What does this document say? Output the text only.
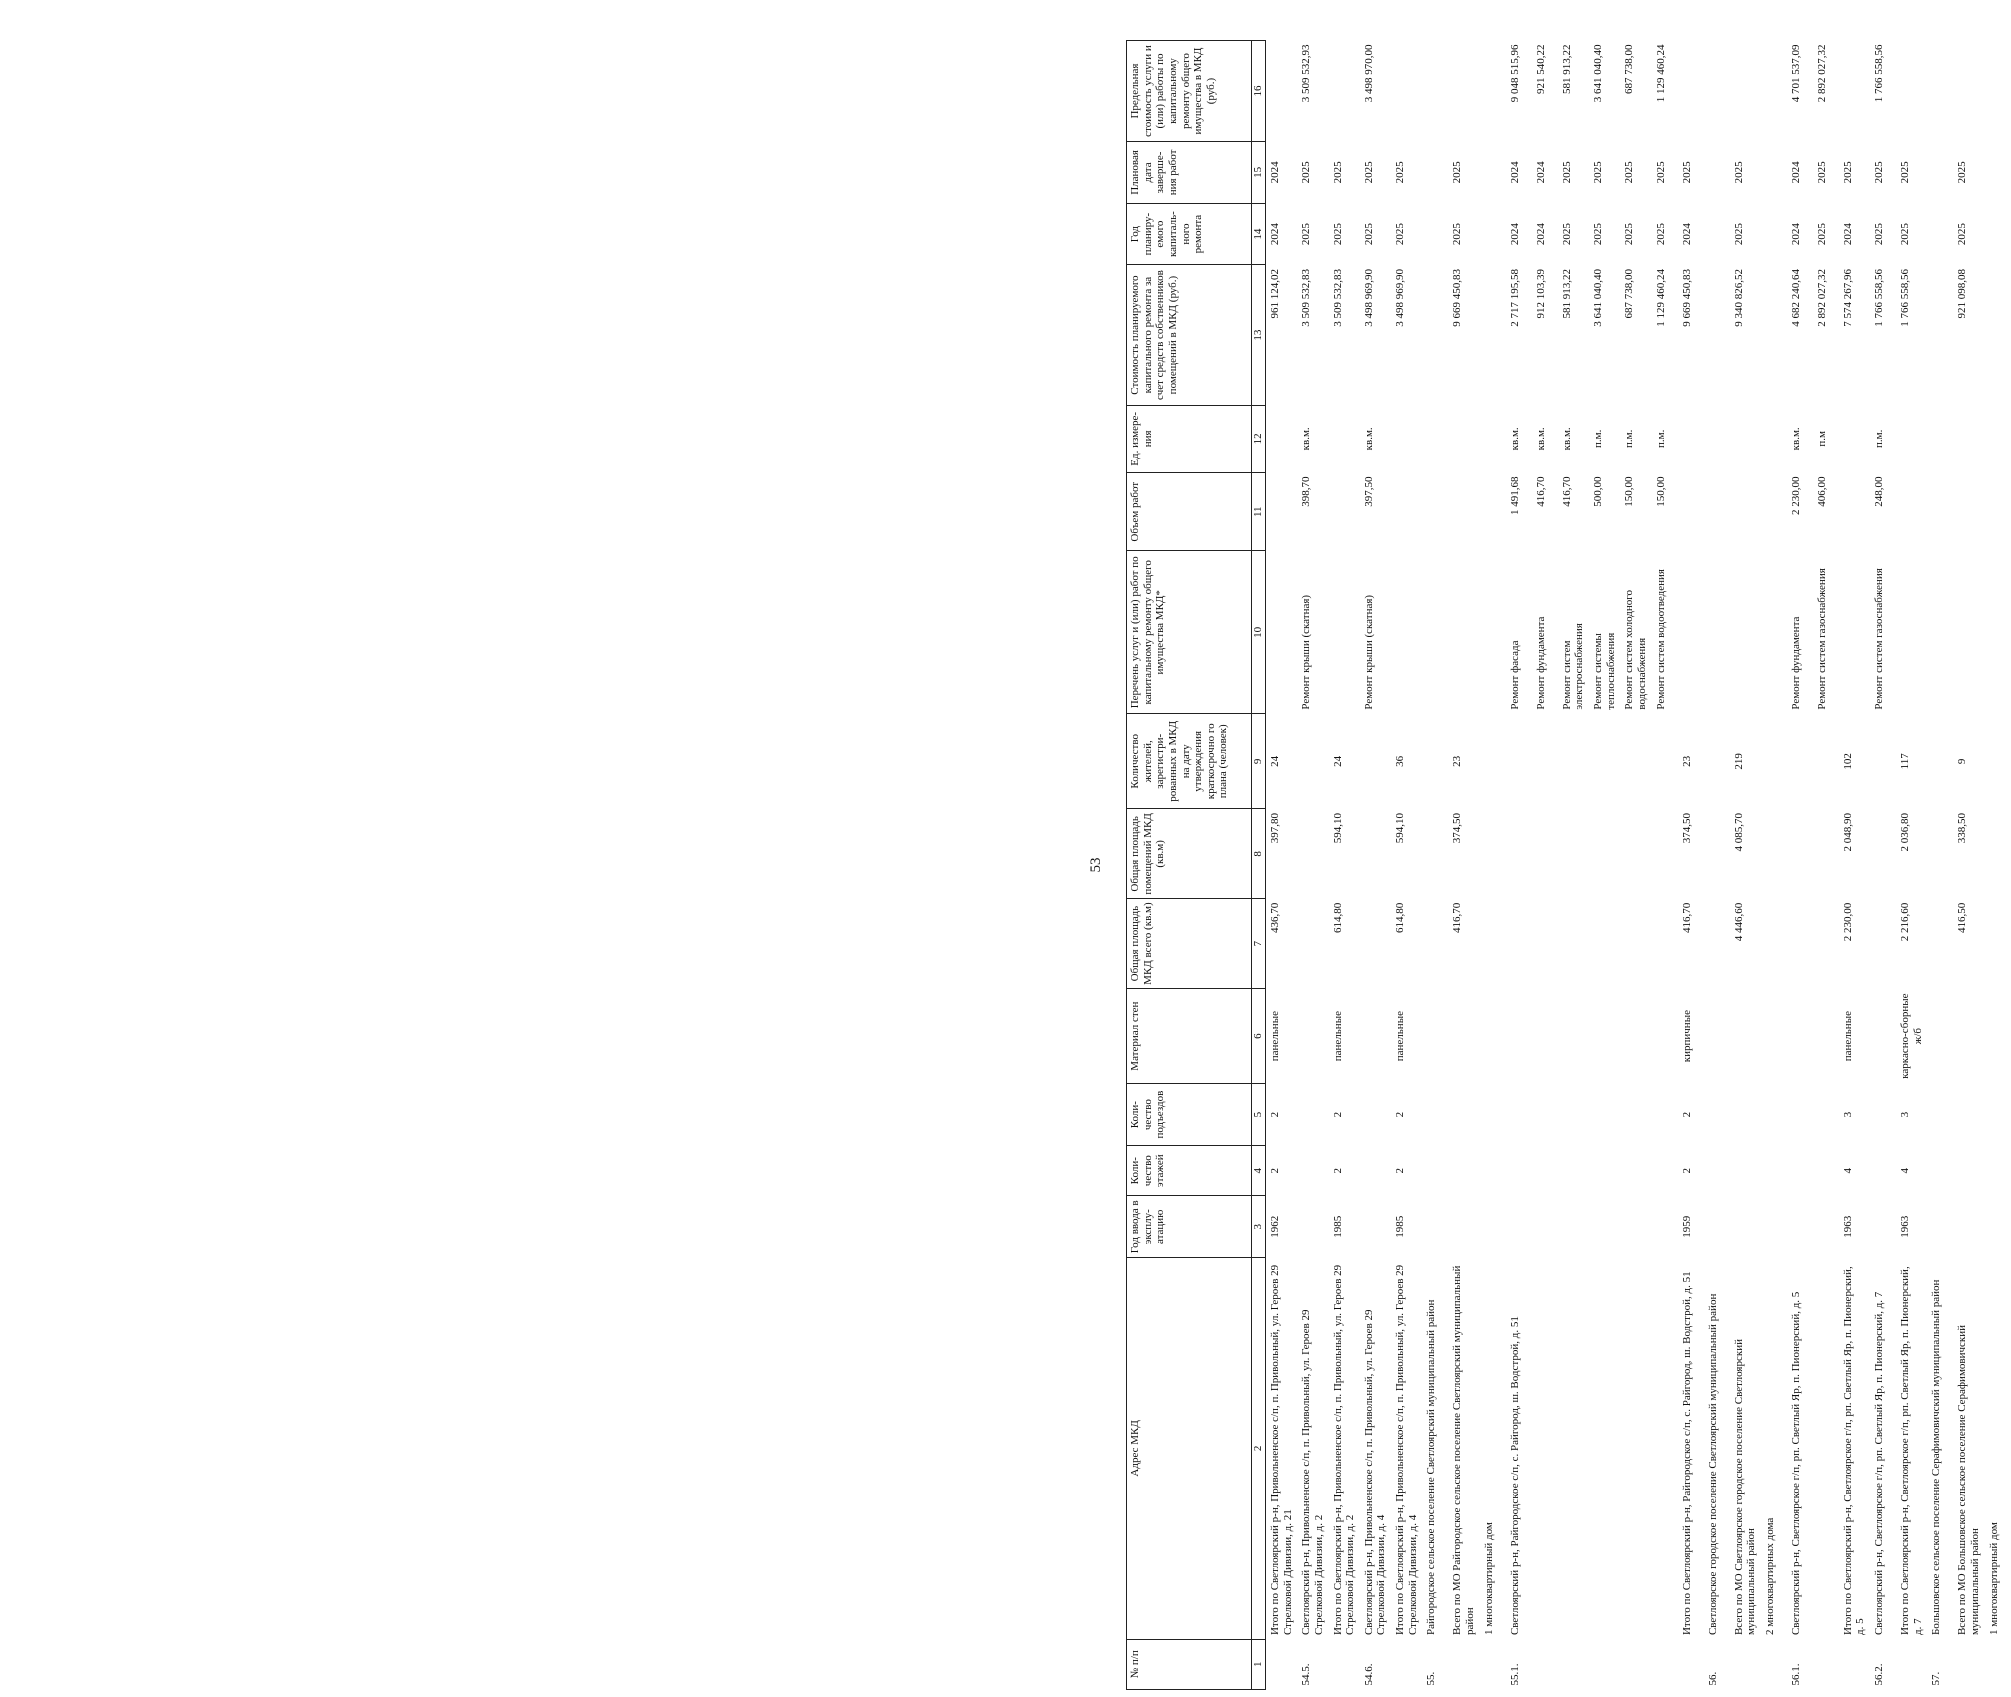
53
№ п/п	Адрес МКД	Год ввода в эксплу-атацию	Коли-чество этажей	Коли-чество подъездов	Материал стен	Общая площадь МКД всего (кв.м)	Общая площадь помещений МКД (кв.м)	Количество жителей, зарегистри-рованных в МКД на дату утверждения краткосрочно го плана (человек)	Перечень услуг и (или) работ по капитальному ремонту общего имущества МКД*	Объем работ	Ед. измере-ния	Стоимость планируемого капитального ремонта за счет средств собственников помещений в МКД (руб.)	Год планиру-емого капиталь-ного ремонта	Плановая дата заверше-ния работ	Предельная стоимость услуги и (или) работы по капитальному ремонту общего имущества в МКД (руб.)
1	2	3	4	5	6	7	8	9	10	11	12	13	14	15	16
	Итого по Светлоярский р-н, Привольненское с/п, п. Привольный, ул. Героев 29 Стрелковой Дивизии, д. 21	1962	2	2	панельные	436,70	397,80	24				961 124,02	2024	2024	
54.5.	Светлоярский р-н, Привольненское с/п, п. Привольный, ул. Героев 29 Стрелковой Дивизии, д. 2								Ремонт крыши (скатная)	398,70	кв.м.	3 509 532,83	2025	2025	3 509 532,93
	Итого по Светлоярский р-н, Привольненское с/п, п. Привольный, ул. Героев 29 Стрелковой Дивизии, д. 2	1985	2	2	панельные	614,80	594,10	24				3 509 532,83	2025	2025	
54.6.	Светлоярский р-н, Привольненское с/п, п. Привольный, ул. Героев 29 Стрелковой Дивизии, д. 4								Ремонт крыши (скатная)	397,50	кв.м.	3 498 969,90	2025	2025	3 498 970,00
	Итого по Светлоярский р-н, Привольненское с/п, п. Привольный, ул. Героев 29 Стрелковой Дивизии, д. 4	1985	2	2	панельные	614,80	594,10	36				3 498 969,90	2025	2025	
55.	Райгородское сельское поселение Светлоярский муниципальный район														
	Всего по МО Райгородское сельское поселение Светлоярский муниципальный район					416,70	374,50	23				9 669 450,83	2025	2025	
	1 многоквартирный дом														
55.1.	Светлоярский р-н, Райгородское с/п, с. Райгород, ш. Водстрой, д. 51								Ремонт фасада	1 491,68	кв.м.	2 717 195,58	2024	2024	9 048 515,96
									Ремонт фундамента	416,70	кв.м.	912 103,39	2024	2024	921 540,22
									Ремонт систем электроснабжения	416,70	кв.м.	581 913,22	2025	2025	581 913,22
									Ремонт системы теплоснабжения	500,00	п.м.	3 641 040,40	2025	2025	3 641 040,40
									Ремонт систем холодного водоснабжения	150,00	п.м.	687 738,00	2025	2025	687 738,00
									Ремонт систем водоотведения	150,00	п.м.	1 129 460,24	2025	2025	1 129 460,24
	Итого по Светлоярский р-н, Райгородское с/п, с. Райгород, ш. Водстрой, д. 51	1959	2	2	кирпичные	416,70	374,50	23				9 669 450,83	2024	2025	
56.	Светлоярское городское поселение Светлоярский муниципальный район														
	Всего по МО Светлоярское городское поселение Светлоярский муниципальный район					4 446,60	4 085,70	219				9 340 826,52	2025	2025	
	2 многоквартирных дома														
56.1.	Светлоярский р-н, Светлоярское г/п, рп. Светлый Яр, п. Пионерский, д. 5								Ремонт фундамента	2 230,00	кв.м.	4 682 240,64	2024	2024	4 701 537,09
									Ремонт систем газоснабжения	406,00	п.м	2 892 027,32	2025	2025	2 892 027,32
	Итого по Светлоярский р-н, Светлоярское г/п, рп. Светлый Яр, п. Пионерский, д. 5	1963	4	3	панельные	2 230,00	2 048,90	102				7 574 267,96	2024	2025	
56.2.	Светлоярский р-н, Светлоярское г/п, рп. Светлый Яр, п. Пионерский, д. 7								Ремонт систем газоснабжения	248,00	п.м.	1 766 558,56	2025	2025	1 766 558,56
	Итого по Светлоярский р-н, Светлоярское г/п, рп. Светлый Яр, п. Пионерский, д. 7	1963	4	3	каркасно-сборные ж/б	2 216,60	2 036,80	117				1 766 558,56	2025	2025	
57.	Большовское сельское поселение Серафимовичский муниципальный район														
	Всего по МО Большовское сельское поселение Серафимовичский муниципальный район					416,50	338,50	9				921 098,08	2025	2025	
	1 многоквартирный дом														
